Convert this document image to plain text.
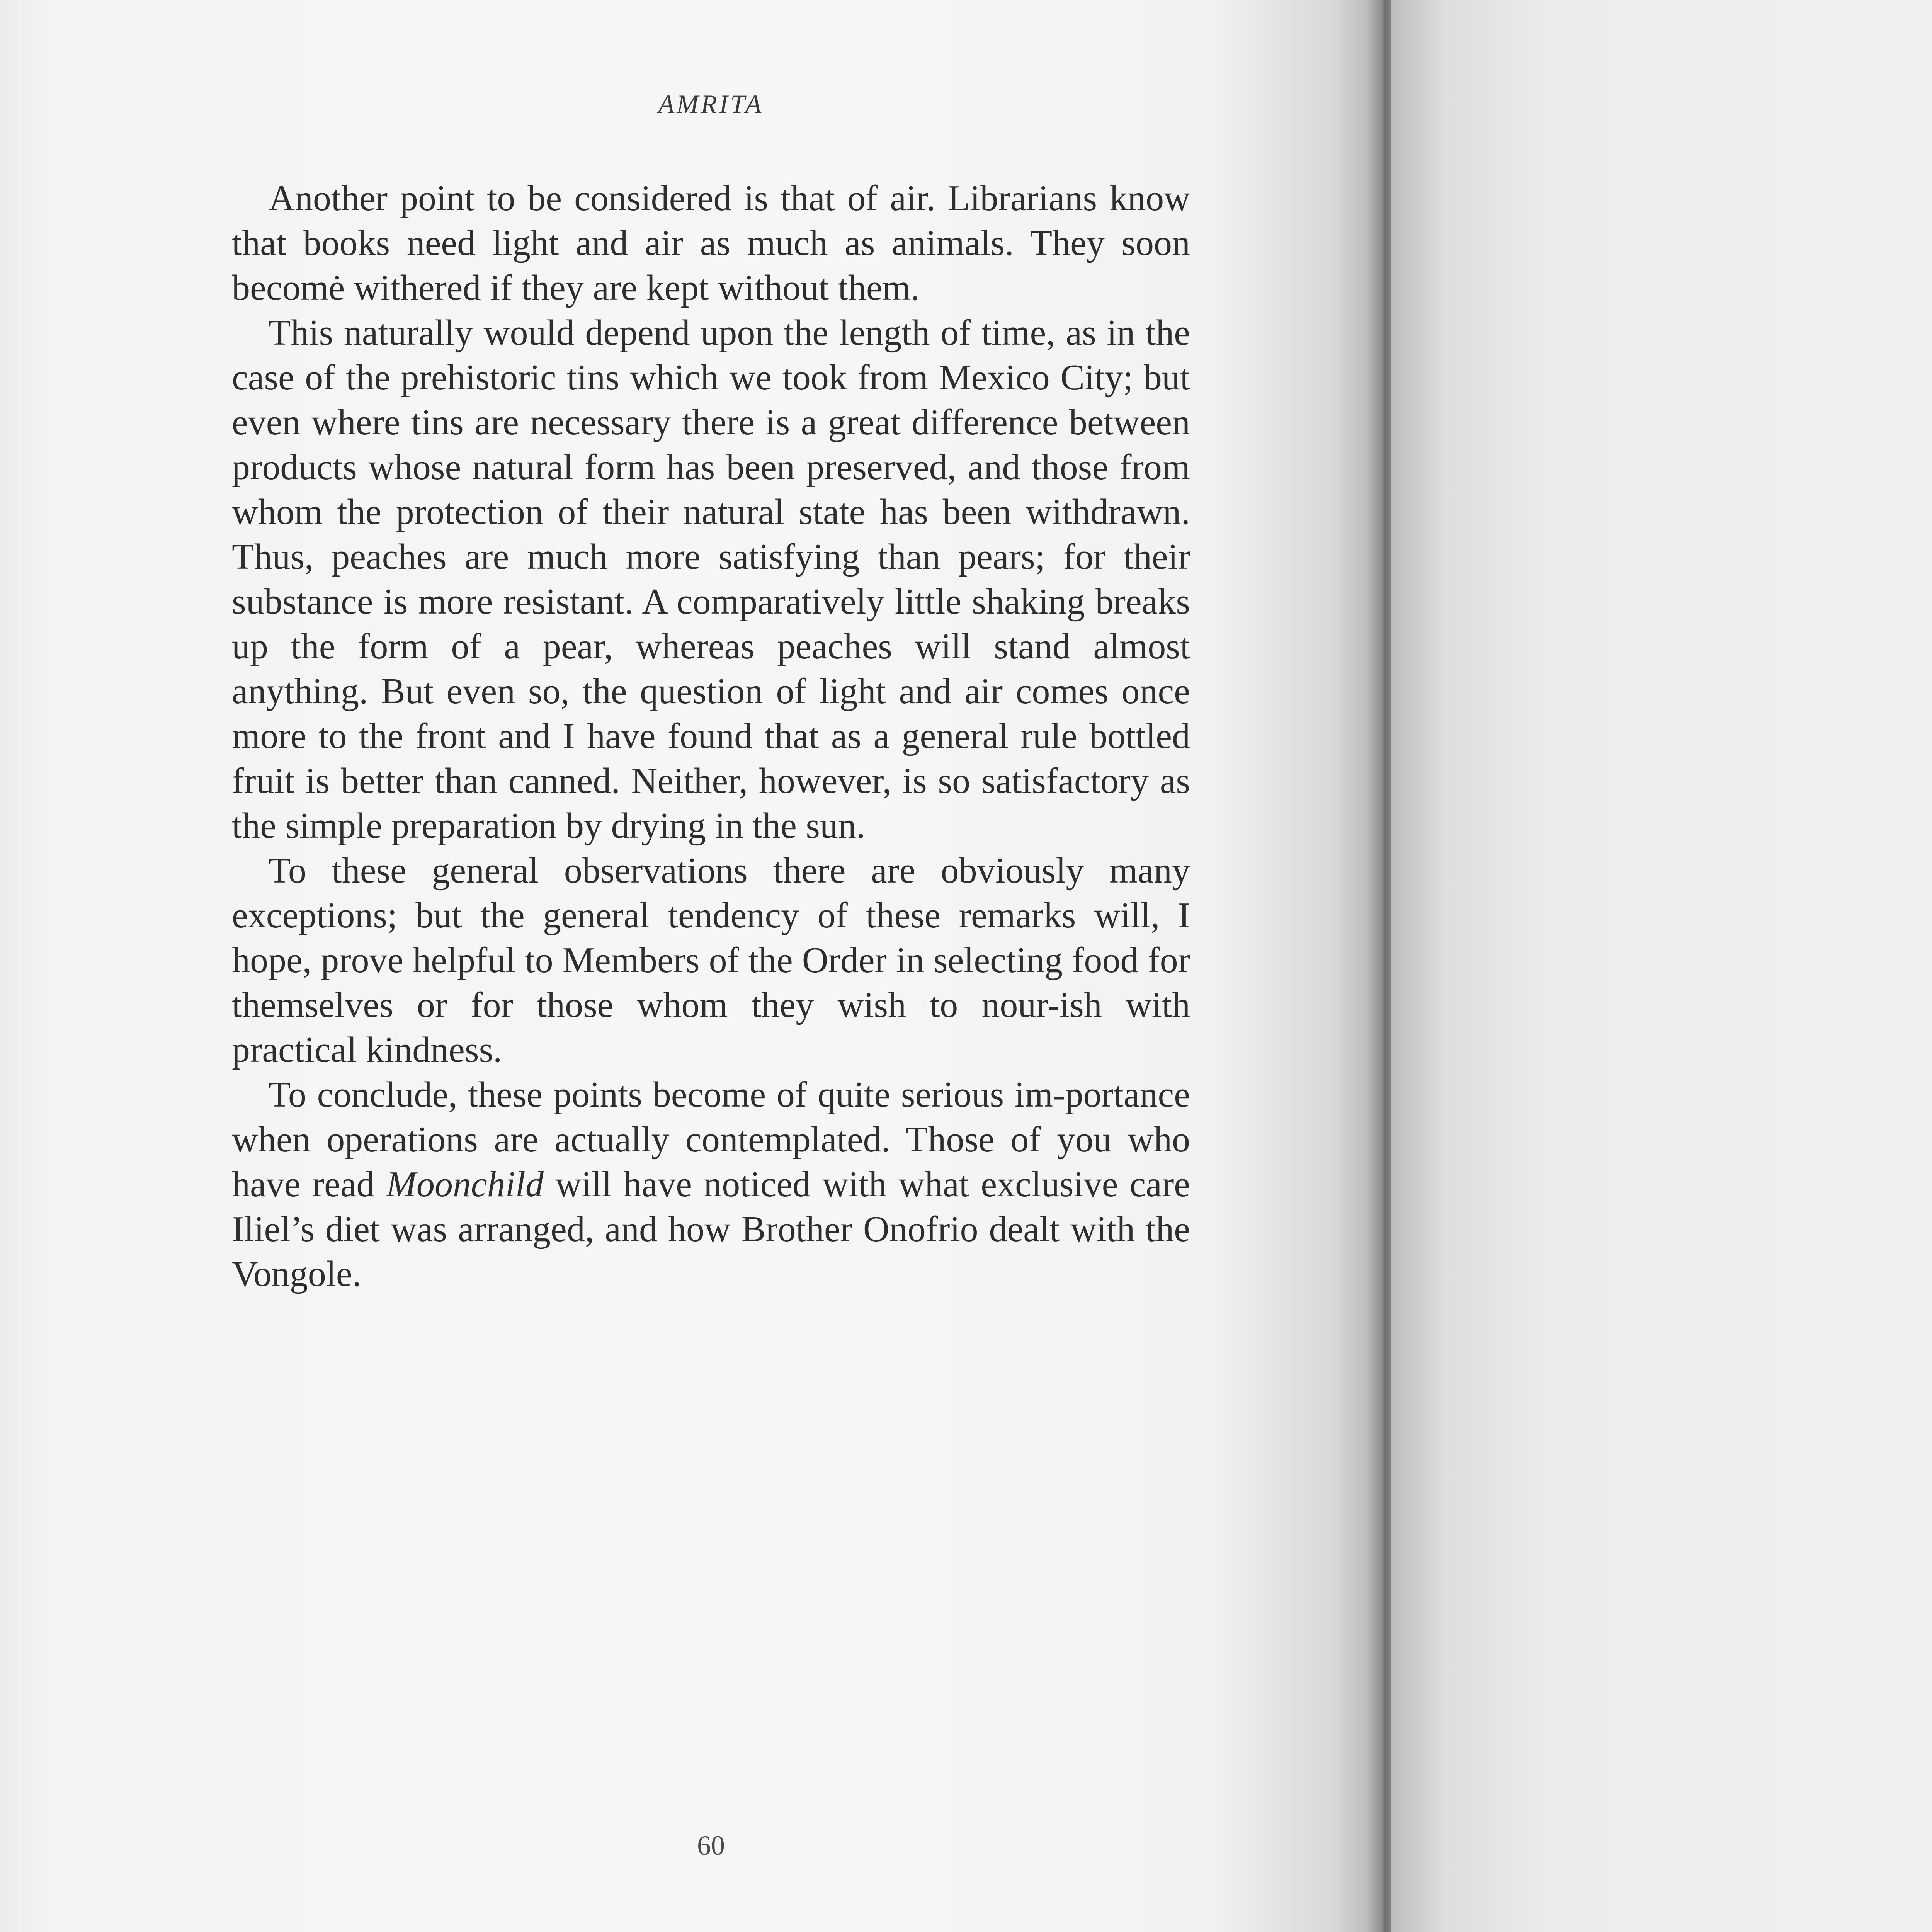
AMRITA

Another point to be considered is that of air. Librarians know that books need light and air as much as animals. They soon becomė withered if they are kept without them.

This naturally would depend upon the length of time, as in the case of the prehistoric tins which we took from Mexico City; but even where tins are necessary there is a great difference between products whose natural form has been preserved, and those from whom the protection of their natural state has been withdrawn. Thus, peaches are much more satisfying than pears; for their substance is more resistant. A comparatively little shaking breaks up the form of a pear, whereas peaches will stand almost anything. But even so, the question of light and air comes once more to the front and I have found that as a general rule bottled fruit is better than canned. Neither, however, is so satisfactory as the simple preparation by drying in the sun.

To these general observations there are obviously many exceptions; but the general tendency of these remarks will, I hope, prove helpful to Members of the Order in selecting food for themselves or for those whom they wish to nour-ish with practical kindness.

To conclude, these points become of quite serious im-portance when operations are actually contemplated. Those of you who have read Moonchild will have noticed with what exclusive care Iliel’s diet was arranged, and how Brother Onofrio dealt with the Vongole.

60
